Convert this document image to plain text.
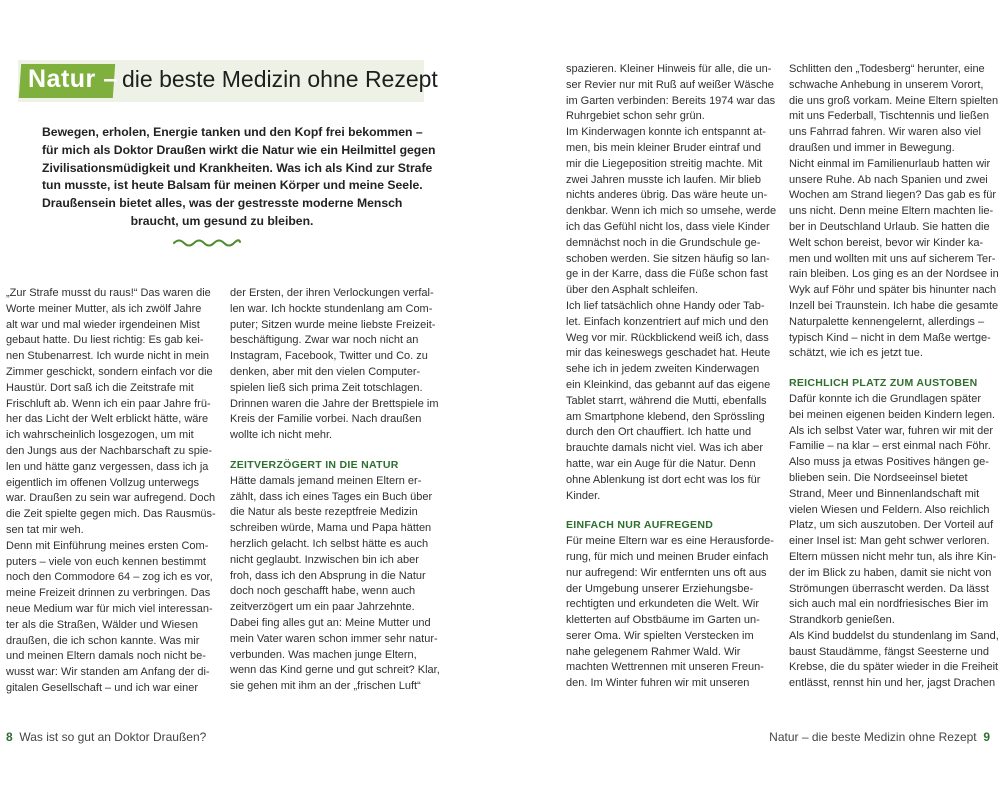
Natur – die beste Medizin ohne Rezept
Bewegen, erholen, Energie tanken und den Kopf frei bekommen –
für mich als Doktor Draußen wirkt die Natur wie ein Heilmittel gegen
Zivilisationsmüdigkeit und Krankheiten. Was ich als Kind zur Strafe
tun musste, ist heute Balsam für meinen Körper und meine Seele.
Draußensein bietet alles, was der gestresste moderne Mensch
braucht, um gesund zu bleiben.
„Zur Strafe musst du raus!“ Das waren die
Worte meiner Mutter, als ich zwölf Jahre
alt war und mal wieder irgendeinen Mist
gebaut hatte. Du liest richtig: Es gab kei-
nen Stubenarrest. Ich wurde nicht in mein
Zimmer geschickt, sondern einfach vor die
Haustür. Dort saß ich die Zeitstrafe mit
Frischluft ab. Wenn ich ein paar Jahre frü-
her das Licht der Welt erblickt hätte, wäre
ich wahrscheinlich losgezogen, um mit
den Jungs aus der Nachbarschaft zu spie-
len und hätte ganz vergessen, dass ich ja
eigentlich im offenen Vollzug unterwegs
war. Draußen zu sein war aufregend. Doch
die Zeit spielte gegen mich. Das Rausmüs-
sen tat mir weh.
Denn mit Einführung meines ersten Com-
puters – viele von euch kennen bestimmt
noch den Commodore 64 – zog ich es vor,
meine Freizeit drinnen zu verbringen. Das
neue Medium war für mich viel interessan-
ter als die Straßen, Wälder und Wiesen
draußen, die ich schon kannte. Was mir
und meinen Eltern damals noch nicht be-
wusst war: Wir standen am Anfang der di-
gitalen Gesellschaft – und ich war einer
der Ersten, der ihren Verlockungen verfal-
len war. Ich hockte stundenlang am Com-
puter; Sitzen wurde meine liebste Freizeit-
beschäftigung. Zwar war noch nicht an
Instagram, Facebook, Twitter und Co. zu
denken, aber mit den vielen Computer-
spielen ließ sich prima Zeit totschlagen.
Drinnen waren die Jahre der Brettspiele im
Kreis der Familie vorbei. Nach draußen
wollte ich nicht mehr.
ZEITVERZÖGERT IN DIE NATUR
Hätte damals jemand meinen Eltern er-
zählt, dass ich eines Tages ein Buch über
die Natur als beste rezeptfreie Medizin
schreiben würde, Mama und Papa hätten
herzlich gelacht. Ich selbst hätte es auch
nicht geglaubt. Inzwischen bin ich aber
froh, dass ich den Absprung in die Natur
doch noch geschafft habe, wenn auch
zeitverzögert um ein paar Jahrzehnte.
Dabei fing alles gut an: Meine Mutter und
mein Vater waren schon immer sehr natur-
verbunden. Was machen junge Eltern,
wenn das Kind gerne und gut schreit? Klar,
sie gehen mit ihm an der „frischen Luft“
8 Was ist so gut an Doktor Draußen?
spazieren. Kleiner Hinweis für alle, die un-
ser Revier nur mit Ruß auf weißer Wäsche
im Garten verbinden: Bereits 1974 war das
Ruhrgebiet schon sehr grün.
Im Kinderwagen konnte ich entspannt at-
men, bis mein kleiner Bruder eintraf und
mir die Liegeposition streitig machte. Mit
zwei Jahren musste ich laufen. Mir blieb
nichts anderes übrig. Das wäre heute un-
denkbar. Wenn ich mich so umsehe, werde
ich das Gefühl nicht los, dass viele Kinder
demnächst noch in die Grundschule ge-
schoben werden. Sie sitzen häufig so lan-
ge in der Karre, dass die Füße schon fast
über den Asphalt schleifen.
Ich lief tatsächlich ohne Handy oder Tab-
let. Einfach konzentriert auf mich und den
Weg vor mir. Rückblickend weiß ich, dass
mir das keineswegs geschadet hat. Heute
sehe ich in jedem zweiten Kinderwagen
ein Kleinkind, das gebannt auf das eigene
Tablet starrt, während die Mutti, ebenfalls
am Smartphone klebend, den Sprössling
durch den Ort chauffiert. Ich hatte und
brauchte damals nicht viel. Was ich aber
hatte, war ein Auge für die Natur. Denn
ohne Ablenkung ist dort echt was los für
Kinder.
EINFACH NUR AUFREGEND
Für meine Eltern war es eine Herausforde-
rung, für mich und meinen Bruder einfach
nur aufregend: Wir entfernten uns oft aus
der Umgebung unserer Erziehungsbe-
rechtigten und erkundeten die Welt. Wir
kletterten auf Obstbäume im Garten un-
serer Oma. Wir spielten Verstecken im
nahe gelegenem Rahmer Wald. Wir
machten Wettrennen mit unseren Freun-
den. Im Winter fuhren wir mit unseren
Schlitten den „Todesberg“ herunter, eine
schwache Anhebung in unserem Vorort,
die uns groß vorkam. Meine Eltern spielten
mit uns Federball, Tischtennis und ließen
uns Fahrrad fahren. Wir waren also viel
draußen und immer in Bewegung.
Nicht einmal im Familienurlaub hatten wir
unsere Ruhe. Ab nach Spanien und zwei
Wochen am Strand liegen? Das gab es für
uns nicht. Denn meine Eltern machten lie-
ber in Deutschland Urlaub. Sie hatten die
Welt schon bereist, bevor wir Kinder ka-
men und wollten mit uns auf sicherem Ter-
rain bleiben. Los ging es an der Nordsee in
Wyk auf Föhr und später bis hinunter nach
Inzell bei Traunstein. Ich habe die gesamte
Naturpalette kennengelernt, allerdings –
typisch Kind – nicht in dem Maße wertge-
schätzt, wie ich es jetzt tue.
REICHLICH PLATZ ZUM AUSTOBEN
Dafür konnte ich die Grundlagen später
bei meinen eigenen beiden Kindern legen.
Als ich selbst Vater war, fuhren wir mit der
Familie – na klar – erst einmal nach Föhr.
Also muss ja etwas Positives hängen ge-
blieben sein. Die Nordseeinsel bietet
Strand, Meer und Binnenlandschaft mit
vielen Wiesen und Feldern. Also reichlich
Platz, um sich auszutoben. Der Vorteil auf
einer Insel ist: Man geht schwer verloren.
Eltern müssen nicht mehr tun, als ihre Kin-
der im Blick zu haben, damit sie nicht von
Strömungen überrascht werden. Da lässt
sich auch mal ein nordfriesisches Bier im
Strandkorb genießen.
Als Kind buddelst du stundenlang im Sand,
baust Staudämme, fängst Seesterne und
Krebse, die du später wieder in die Freiheit
entlässt, rennst hin und her, jagst Drachen
Natur – die beste Medizin ohne Rezept 9
